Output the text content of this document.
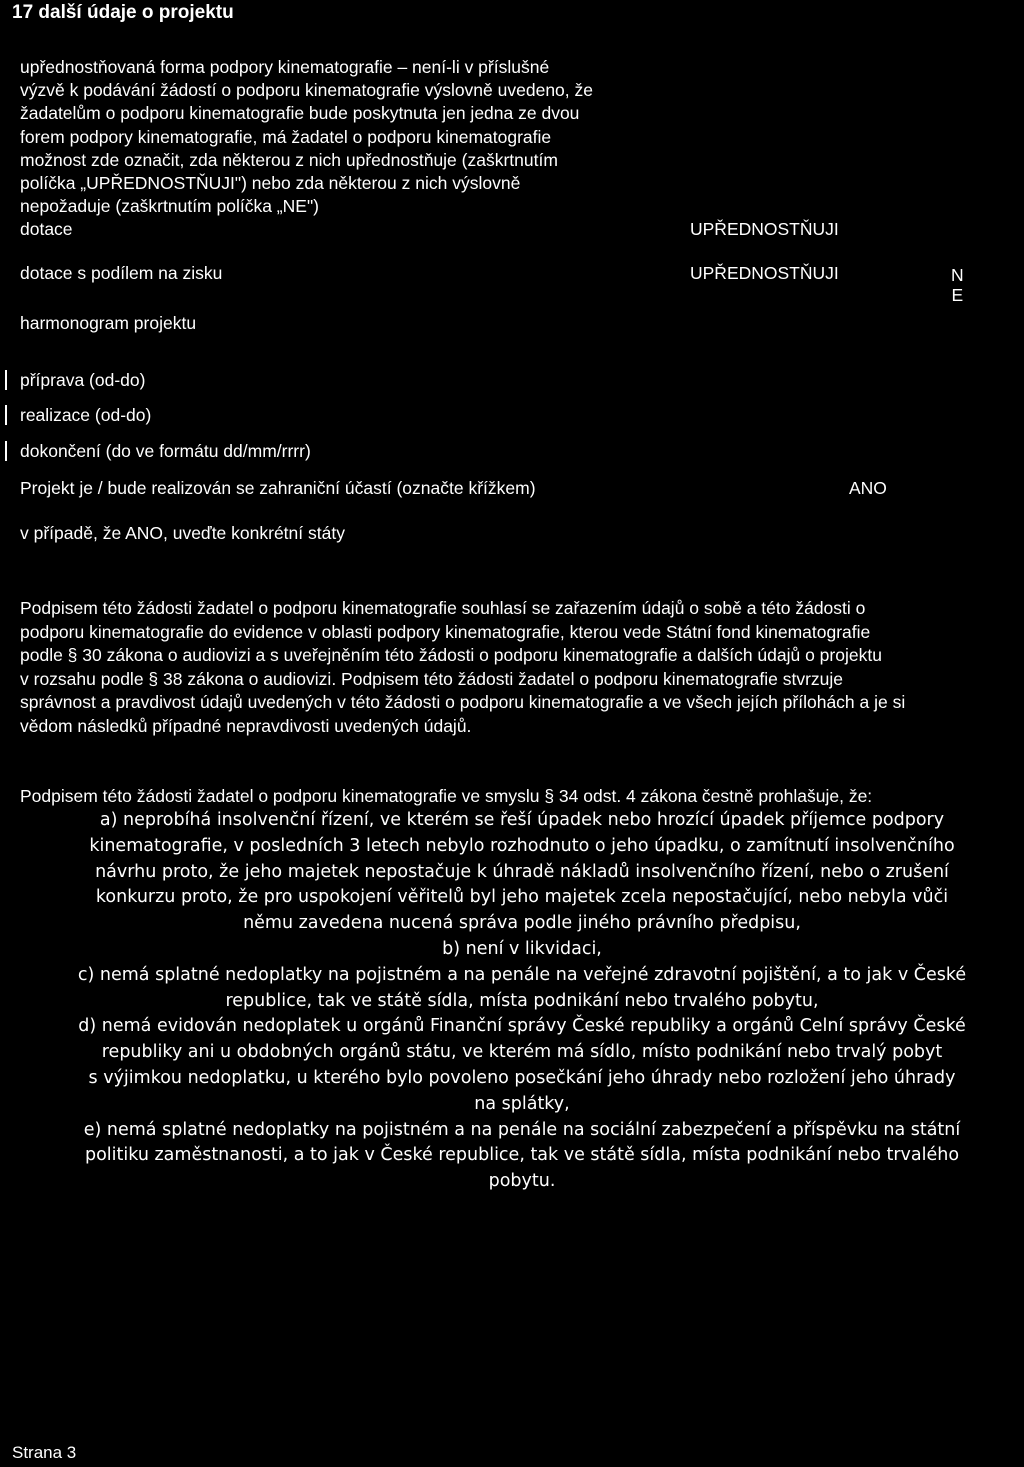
17 další údaje o projektu
upřednostňovaná forma podpory kinematografie – není-li v příslušné
výzvě k podávání žádostí o podporu kinematografie výslovně uvedeno, že
žadatelům o podporu kinematografie bude poskytnuta jen jedna ze dvou
forem podpory kinematografie, má žadatel o podporu kinematografie
možnost zde označit, zda některou z nich upřednostňuje (zaškrtnutím
políčka „UPŘEDNOSTŇUJI") nebo zda některou z nich výslovně
nepožaduje (zaškrtnutím políčka „NE")
dotace	UPŘEDNOSTŇUJI
dotace s podílem na zisku	UPŘEDNOSTŇUJI	N
E
harmonogram projektu
příprava (od-do)
realizace (od-do)
dokončení (do ve formátu dd/mm/rrrr)
Projekt je / bude realizován se zahraniční účastí (označte křížkem)	ANO
v případě, že ANO, uveďte konkrétní státy
Podpisem této žádosti žadatel o podporu kinematografie souhlasí se zařazením údajů o sobě a této žádosti o
podporu kinematografie do evidence v oblasti podpory kinematografie, kterou vede Státní fond kinematografie
podle § 30 zákona o audiovizi a s uveřejněním této žádosti o podporu kinematografie a dalších údajů o projektu
v rozsahu podle § 38 zákona o audiovizi. Podpisem této žádosti žadatel o podporu kinematografie stvrzuje
správnost a pravdivost údajů uvedených v této žádosti o podporu kinematografie a ve všech jejích přílohách a je si
vědom následků případné nepravdivosti uvedených údajů.
Podpisem této žádosti žadatel o podporu kinematografie ve smyslu § 34 odst. 4 zákona čestně prohlašuje, že:
a) neprobíhá insolvenční řízení, ve kterém se řeší úpadek nebo hrozící úpadek příjemce podpory
kinematografie, v posledních 3 letech nebylo rozhodnuto o jeho úpadku, o zamítnutí insolvenčního
návrhu proto, že jeho majetek nepostačuje k úhradě nákladů insolvenčního řízení, nebo o zrušení
konkurzu proto, že pro uspokojení věřitelů byl jeho majetek zcela nepostačující, nebo nebyla vůči
němu zavedena nucená správa podle jiného právního předpisu,
b) není v likvidaci,
c) nemá splatné nedoplatky na pojistném a na penále na veřejné zdravotní pojištění, a to jak v České
republice, tak ve státě sídla, místa podnikání nebo trvalého pobytu,
d) nemá evidován nedoplatek u orgánů Finanční správy České republiky a orgánů Celní správy České
republiky ani u obdobných orgánů státu, ve kterém má sídlo, místo podnikání nebo trvalý pobyt
s výjimkou nedoplatku, u kterého bylo povoleno posečkání jeho úhrady nebo rozložení jeho úhrady
na splátky,
e) nemá splatné nedoplatky na pojistném a na penále na sociální zabezpečení a příspěvku na státní
politiku zaměstnanosti, a to jak v České republice, tak ve státě sídla, místa podnikání nebo trvalého
pobytu.
Strana 3
